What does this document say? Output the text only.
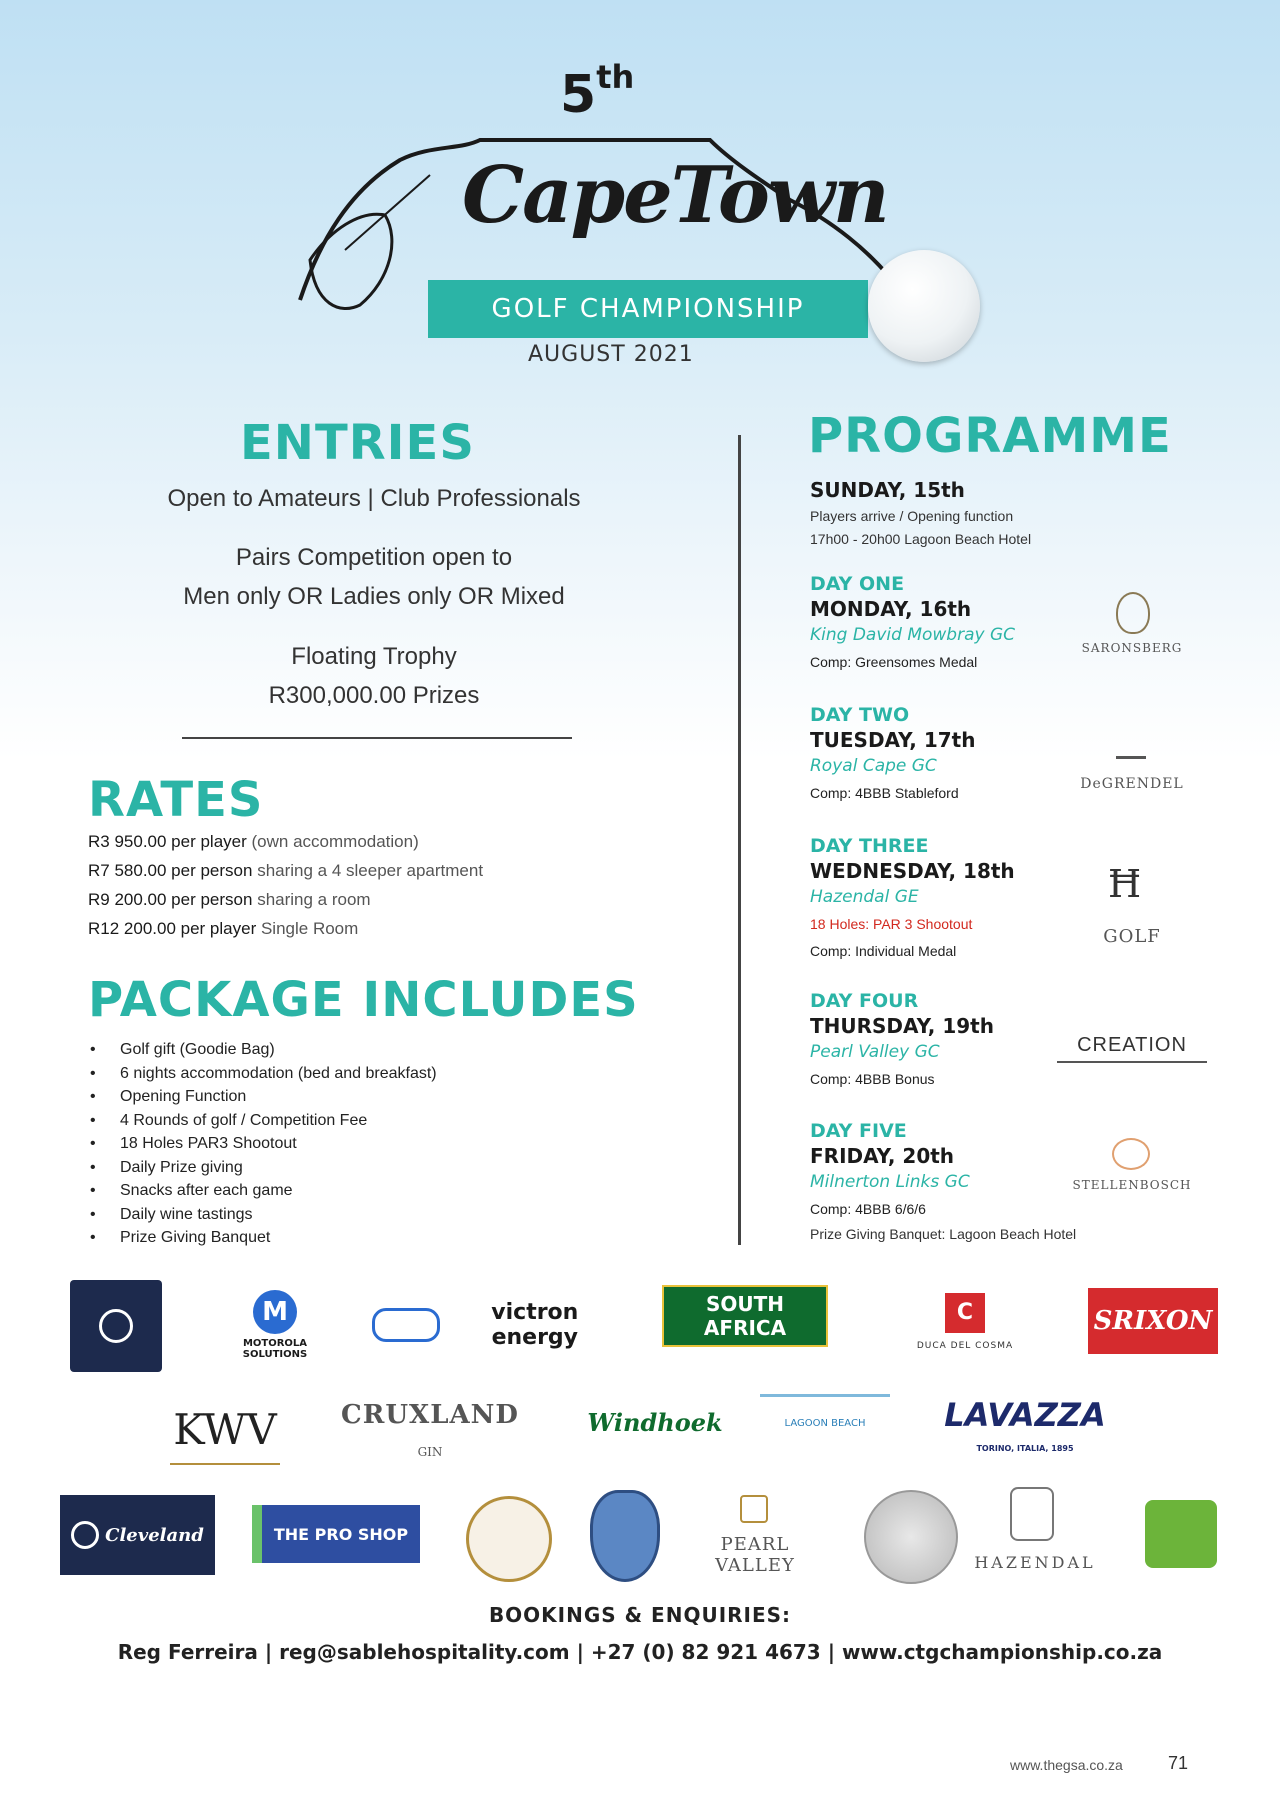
5th
CapeTown
GOLF CHAMPIONSHIP
AUGUST 2021
ENTRIES
Open to Amateurs | Club Professionals
Pairs Competition open to
Men only OR Ladies only OR Mixed
Floating Trophy
R300,000.00 Prizes
RATES
R3 950.00 per player (own accommodation)
R7 580.00 per person sharing a 4 sleeper apartment
R9 200.00 per person sharing a room
R12 200.00 per player Single Room
PACKAGE INCLUDES
• Golf gift (Goodie Bag)
• 6 nights accommodation (bed and breakfast)
• Opening Function
• 4 Rounds of golf / Competition Fee
• 18 Holes PAR3 Shootout
• Daily Prize giving
• Snacks after each game
• Daily wine tastings
• Prize Giving Banquet
PROGRAMME
SUNDAY, 15th
Players arrive / Opening function
17h00 - 20h00 Lagoon Beach Hotel
DAY ONE
MONDAY, 16th
King David Mowbray GC
Comp: Greensomes Medal
SARONSBERG
DAY TWO
TUESDAY, 17th
Royal Cape GC
Comp: 4BBB Stableford
DeGRENDEL
DAY THREE
WEDNESDAY, 18th
Hazendal GE
18 Holes: PAR 3 Shootout
Comp: Individual Medal
Ħ
GOLF
DAY FOUR
THURSDAY, 19th
Pearl Valley GC
Comp: 4BBB Bonus
CREATION
DAY FIVE
FRIDAY, 20th
Milnerton Links GC
Comp: 4BBB 6/6/6
Prize Giving Banquet: Lagoon Beach Hotel
STELLENBOSCH
M
MOTOROLA SOLUTIONS
victron energy
SOUTH AFRICA
C
DUCA DEL COSMA
SRIXON
KWV CRUXLAND
GIN
Windhoek	LAGOON BEACH	LAVAZZA
TORINO, ITALIA, 1895
Cleveland	THE PRO SHOP	PEARL VALLEY	HAZENDAL
BOOKINGS & ENQUIRIES:
Reg Ferreira | reg@sablehospitality.com | +27 (0) 82 921 4673 | www.ctgchampionship.co.za
www.thegsa.co.za	71
